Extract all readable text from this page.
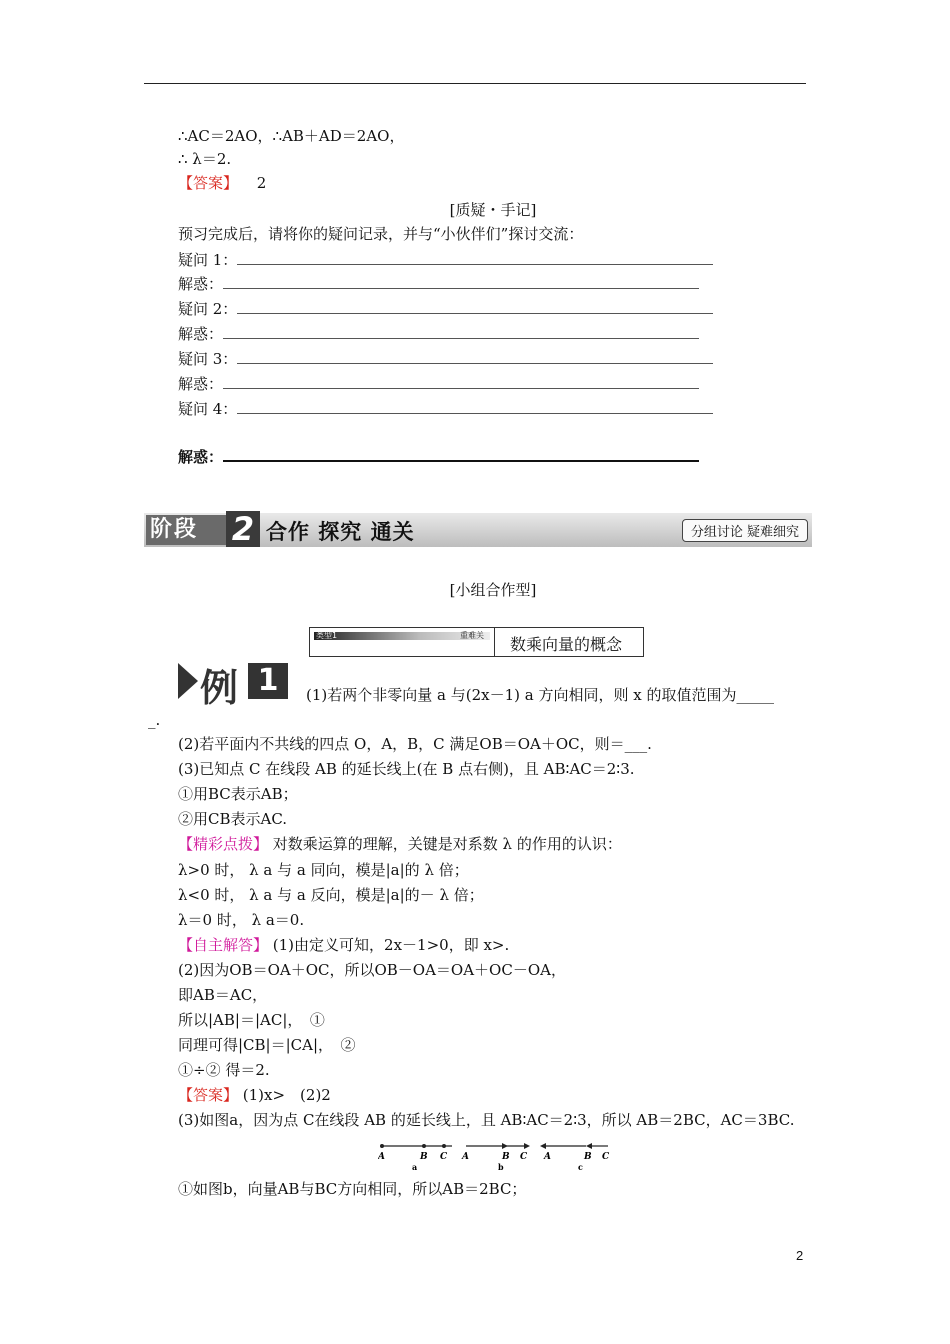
∴AC＝2AO，∴AB＋AD＝2AO，
∴ λ＝2.
【答案】 2
[质疑・手记]
预习完成后，请将你的疑问记录，并与“小伙伴们”探讨交流：
疑问 1：
解惑：
疑问 2：
解惑：
疑问 3：
解惑：
疑问 4：
解惑：
阶段	2 合作 探究 通关	分组讨论 疑难细究
[小组合作型]
类型1	重难关 数乘向量的概念
例 1	(1)若两个非零向量 a 与(2x－1) a 方向相同，则 x 的取值范围为_____
_.
(2)若平面内不共线的四点 O，A，B，C 满足OB＝OA＋OC，则＝___.
(3)已知点 C 在线段 AB 的延长线上(在 B 点右侧)，且 AB∶AC＝2∶3.
①用BC表示AB；
②用CB表示AC.
【精彩点拨】 对数乘运算的理解，关键是对系数 λ 的作用的认识：
λ>0 时， λ a 与 a 同向，模是|a|的 λ 倍；
λ<0 时， λ a 与 a 反向，模是|a|的－ λ 倍；
λ＝0 时， λ a＝0.
【自主解答】 (1)由定义可知，2x－1>0，即 x>.
(2)因为OB＝OA＋OC，所以OB－OA＝OA＋OC－OA，
即AB＝AC，
所以|AB|＝|AC|，　①
同理可得|CB|＝|CA|，　②
①÷② 得＝2.
【答案】 (1)x>　(2)2
(3)如图a，因为点 C在线段 AB 的延长线上，且 AB∶AC＝2∶3，所以 AB＝2BC，AC＝3BC.
A	B C
a
A	B C
b
A	B C
c
①如图b，向量AB与BC方向相同，所以AB＝2BC；
2
